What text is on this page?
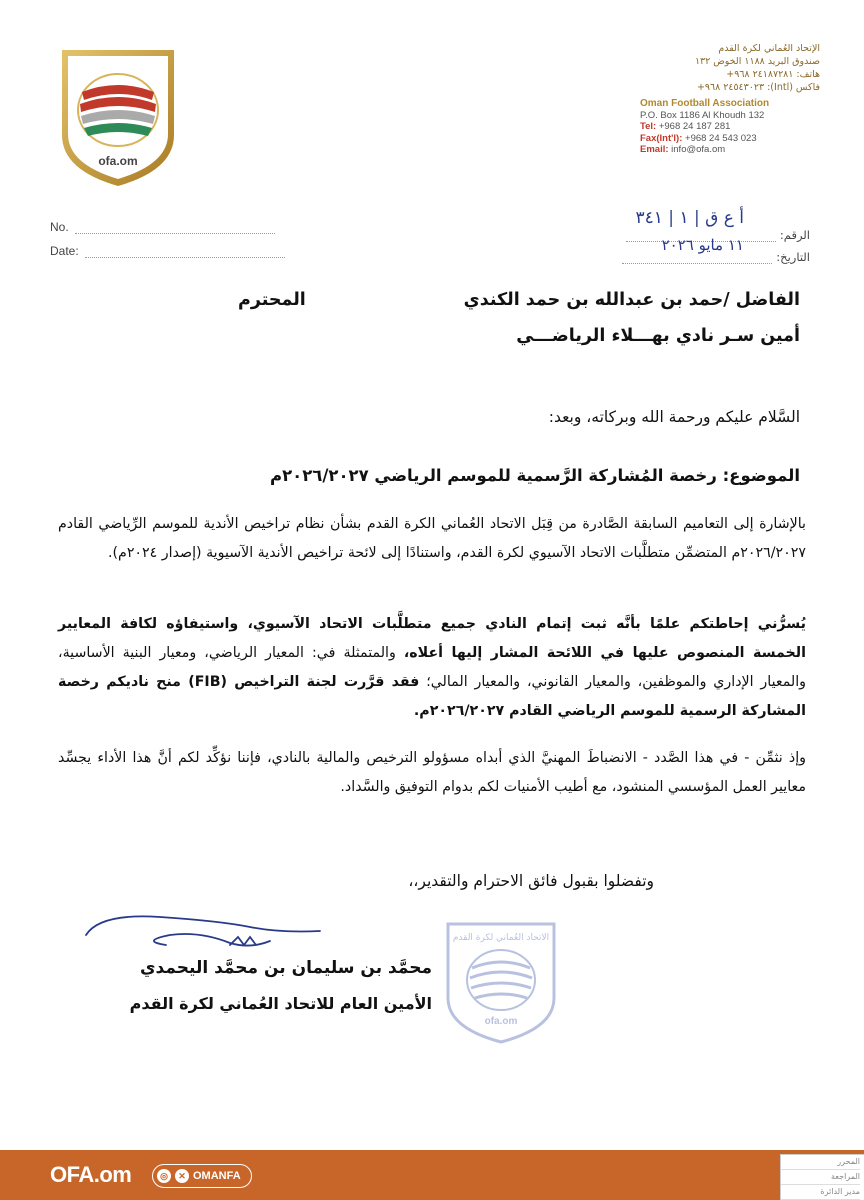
ofa.om
الإتحاد العُماني لكرة القدم
صندوق البريد ١١٨٨ الخوض ١٣٢
هاتف: ٢٤١٨٧٢٨١ ٩٦٨+
فاكس (Intl): ٢٤٥٤٣٠٢٣ ٩٦٨+
Oman Football Association
P.O. Box 1186 Al Khoudh 132
Tel: +968 24 187 281
Fax(Int'l): +968 24 543 023
Email: info@ofa.om
No.
Date:
الرقم:
التاريخ:
أ ع ق | ١ | ٣٤١
١١ مايو ٢٠٢٦
الفاضل /حمد بن عبدالله بن حمد الكندي
المحترم
أمين سـر نادي بهـــلاء الرياضـــي
السَّلام عليكم ورحمة الله وبركاته، وبعد:
الموضوع: رخصة المُشاركة الرَّسمية للموسم الرياضي ٢٠٢٦/٢٠٢٧م
بالإشارة إلى التعاميم السابقة الصَّادرة من قِبَل الاتحاد العُماني الكرة القدم بشأن نظام تراخيص الأندية للموسم الرِّياضي القادم ٢٠٢٦/٢٠٢٧م المتضمِّن متطلَّبات الاتحاد الآسيوي لكرة القدم، واستنادًا إلى لائحة تراخيص الأندية الآسيوية (إصدار ٢٠٢٤م).
يُسرُّني إحاطتكم علمًا بأنَّه ثبت إتمام النادي جميع متطلَّبات الاتحاد الآسيوي، واستيفاؤه لكافة المعايير الخمسة المنصوص عليها في اللائحة المشار إليها أعلاه، والمتمثلة في: المعيار الرياضي، ومعيار البنية الأساسية، والمعيار الإداري والموظفين، والمعيار القانوني، والمعيار المالي؛ فقد قرَّرت لجنة التراخيص (FIB) منح ناديكم رخصة المشاركة الرسمية للموسم الرياضي القادم ٢٠٢٦/٢٠٢٧م.
وإذ نثمِّن - في هذا الصَّدد - الانضباطَ المهنيَّ الذي أبداه مسؤولو الترخيص والمالية بالنادي، فإننا نؤكِّد لكم أنَّ هذا الأداء يجسِّد معايير العمل المؤسسي المنشود، مع أطيب الأمنيات لكم بدوام التوفيق والسَّداد.
وتفضلوا بقبول فائق الاحترام والتقدير،،
الاتحاد العُماني لكرة القدم
ofa.om
محمَّد بن سليمان بن محمَّد اليحمدي
الأمين العام للاتحاد العُماني لكرة القدم
OFA.om	◎	✕ OMANFA
المحرر
المراجعة
مدير الدائرة
